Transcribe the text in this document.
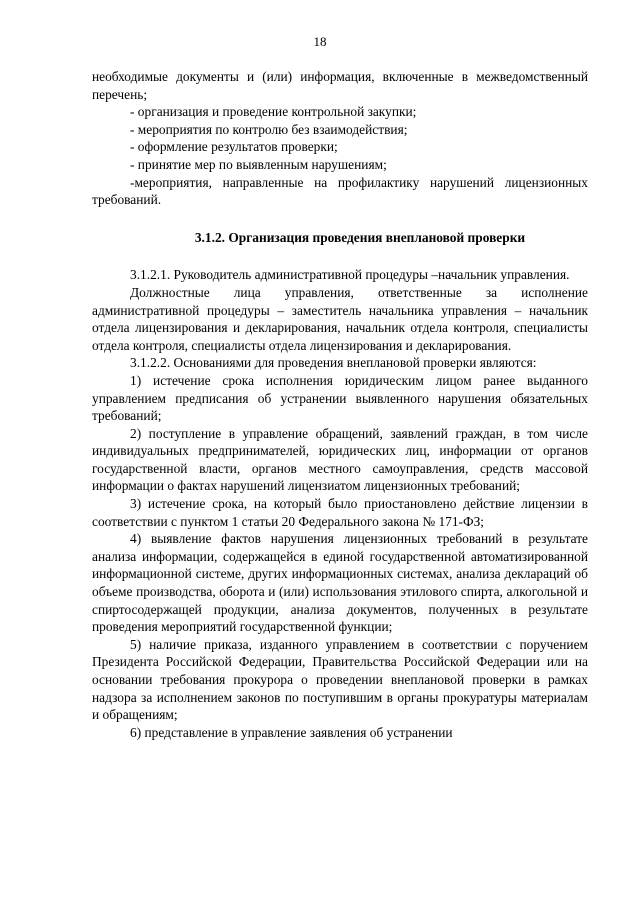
18

необходимые документы и (или) информация, включенные в межведомственный перечень;

- организация и проведение контрольной закупки;

- мероприятия по контролю без взаимодействия;

- оформление результатов проверки;

- принятие мер по выявленным нарушениям;

-мероприятия, направленные на профилактику нарушений лицензионных требований.

3.1.2. Организация проведения внеплановой проверки

3.1.2.1. Руководитель административной процедуры –начальник управления.

Должностные лица управления, ответственные за исполнение административной процедуры – заместитель начальника управления – начальник отдела лицензирования и декларирования, начальник отдела контроля, специалисты отдела контроля, специалисты отдела лицензирования и декларирования.

3.1.2.2. Основаниями для проведения внеплановой проверки являются:

1) истечение срока исполнения юридическим лицом ранее выданного управлением предписания об устранении выявленного нарушения обязательных требований;

2) поступление в управление обращений, заявлений граждан, в том числе индивидуальных предпринимателей, юридических лиц, информации от органов государственной власти, органов местного самоуправления, средств массовой информации о фактах нарушений лицензиатом лицензионных требований;

3) истечение срока, на который было приостановлено действие лицензии в соответствии с пунктом 1 статьи 20 Федерального закона № 171-ФЗ;

4) выявление фактов нарушения лицензионных требований в результате анализа информации, содержащейся в единой государственной автоматизированной информационной системе, других информационных системах, анализа деклараций об объеме производства, оборота и (или) использования этилового спирта, алкогольной и спиртосодержащей продукции, анализа документов, полученных в результате проведения мероприятий государственной функции;

5) наличие приказа, изданного управлением в соответствии с поручением Президента Российской Федерации, Правительства Российской Федерации или на основании требования прокурора о проведении внеплановой проверки в рамках надзора за исполнением законов по поступившим в органы прокуратуры материалам и обращениям;

6) представление в управление заявления об устранении
